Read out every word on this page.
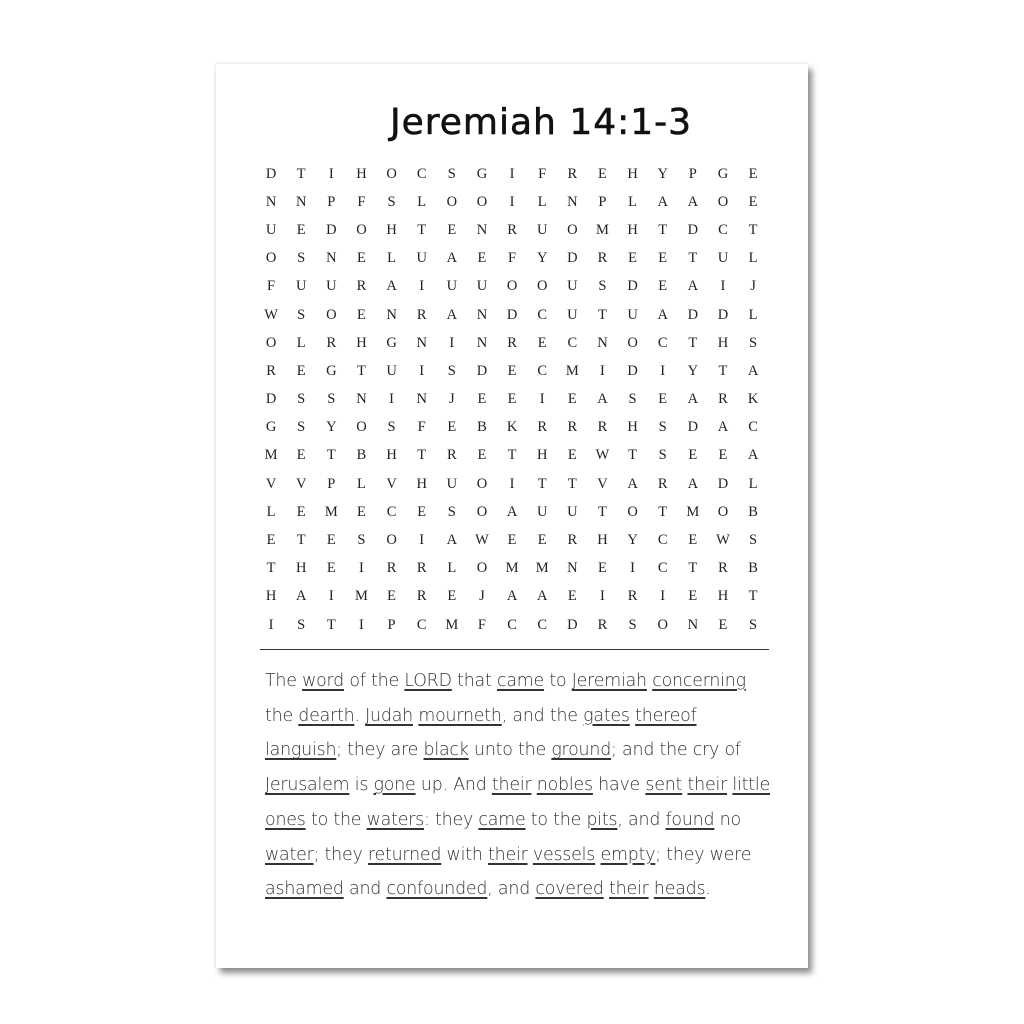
Jeremiah 14:1-3
D	T	I	H	O	C	S	G	I	F	R	E	H	Y	P	G	E
N	N	P	F	S	L	O	O	I	L	N	P	L	A	A	O	E
U	E	D	O	H	T	E	N	R	U	O	M	H	T	D	C	T
O	S	N	E	L	U	A	E	F	Y	D	R	E	E	T	U	L
F	U	U	R	A	I	U	U	O	O	U	S	D	E	A	I	J
W	S	O	E	N	R	A	N	D	C	U	T	U	A	D	D	L
O	L	R	H	G	N	I	N	R	E	C	N	O	C	T	H	S
R	E	G	T	U	I	S	D	E	C	M	I	D	I	Y	T	A
D	S	S	N	I	N	J	E	E	I	E	A	S	E	A	R	K
G	S	Y	O	S	F	E	B	K	R	R	R	H	S	D	A	C
M	E	T	B	H	T	R	E	T	H	E	W	T	S	E	E	A
V	V	P	L	V	H	U	O	I	T	T	V	A	R	A	D	L
L	E	M	E	C	E	S	O	A	U	U	T	O	T	M	O	B
E	T	E	S	O	I	A	W	E	E	R	H	Y	C	E	W	S
T	H	E	I	R	R	L	O	M	M	N	E	I	C	T	R	B
H	A	I	M	E	R	E	J	A	A	E	I	R	I	E	H	T
I	S	T	I	P	C	M	F	C	C	D	R	S	O	N	E	S
The word of the LORD that came to Jeremiah concerning
the dearth. Judah mourneth, and the gates thereof
languish; they are black unto the ground; and the cry of
Jerusalem is gone up. And their nobles have sent their little
ones to the waters: they came to the pits, and found no
water; they returned with their vessels empty; they were
ashamed and confounded, and covered their heads.
